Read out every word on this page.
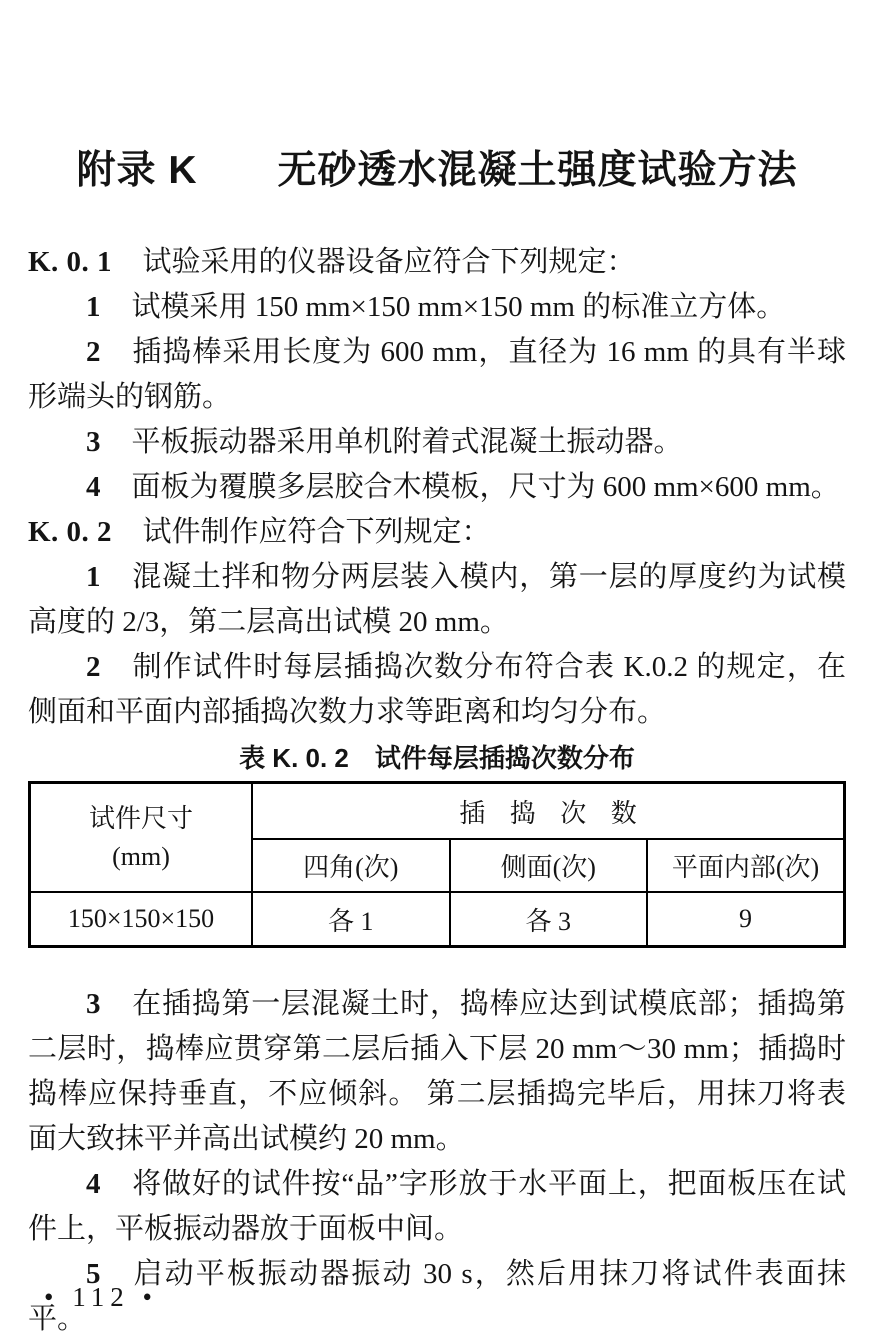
附录 K　　无砂透水混凝土强度试验方法

K. 0. 1 试验采用的仪器设备应符合下列规定：

1 试模采用 150 mm×150 mm×150 mm 的标准立方体。

2 插捣棒采用长度为 600 mm，直径为 16 mm 的具有半球形端头的钢筋。

3 平板振动器采用单机附着式混凝土振动器。

4 面板为覆膜多层胶合木模板，尺寸为 600 mm×600 mm。

K. 0. 2 试件制作应符合下列规定：

1 混凝土拌和物分两层装入模内，第一层的厚度约为试模高度的 2/3，第二层高出试模 20 mm。

2 制作试件时每层插捣次数分布符合表 K.0.2 的规定，在侧面和平面内部插捣次数力求等距离和均匀分布。

表 K. 0. 2　试件每层插捣次数分布
试件尺寸
(mm)	插 捣 次 数		
	四角(次)	侧面(次)	平面内部(次)
150×150×150	各 1	各 3	9

3 在插捣第一层混凝土时，捣棒应达到试模底部；插捣第二层时，捣棒应贯穿第二层后插入下层 20 mm～30 mm；插捣时捣棒应保持垂直，不应倾斜。 第二层插捣完毕后，用抹刀将表面大致抹平并高出试模约 20 mm。

4 将做好的试件按“品”字形放于水平面上，把面板压在试件上，平板振动器放于面板中间。

5 启动平板振动器振动 30 s，然后用抹刀将试件表面抹平。

• 112 •
